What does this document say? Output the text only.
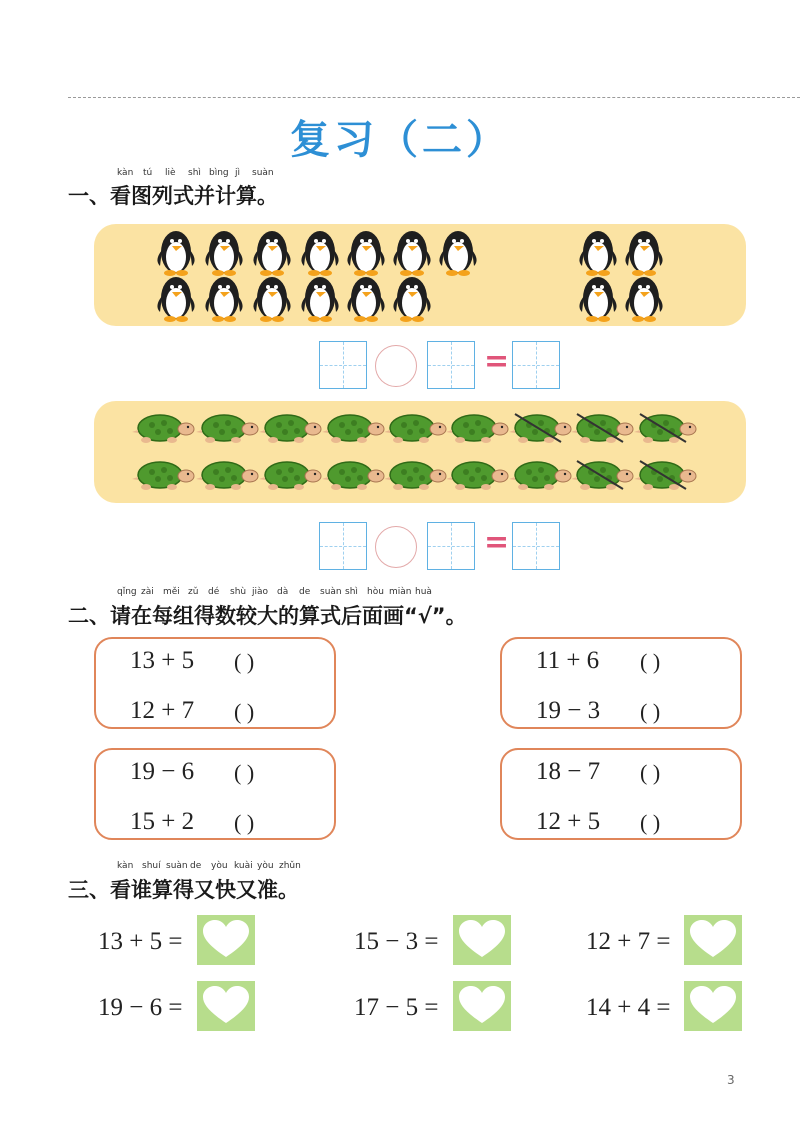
复习（二）
kàn tú liè shì bìng jì suàn
一、看图列式并计算。
=
=
qǐng zài měi zǔ dé shù jiào dà de suàn shì hòu miàn huà
二、请在每组得数较大的算式后面画“√”。
13 + 5 ( )
12 + 7 ( )
11 + 6 ( )
19 − 3 ( )
19 − 6 ( )
15 + 2 ( )
18 − 7 ( )
12 + 5 ( )
kàn shuí suàn de yòu kuài yòu zhǔn
三、看谁算得又快又准。
13 + 5 =	15 − 3 =	12 + 7 =
19 − 6 =	17 − 5 =	14 + 4 =
3
